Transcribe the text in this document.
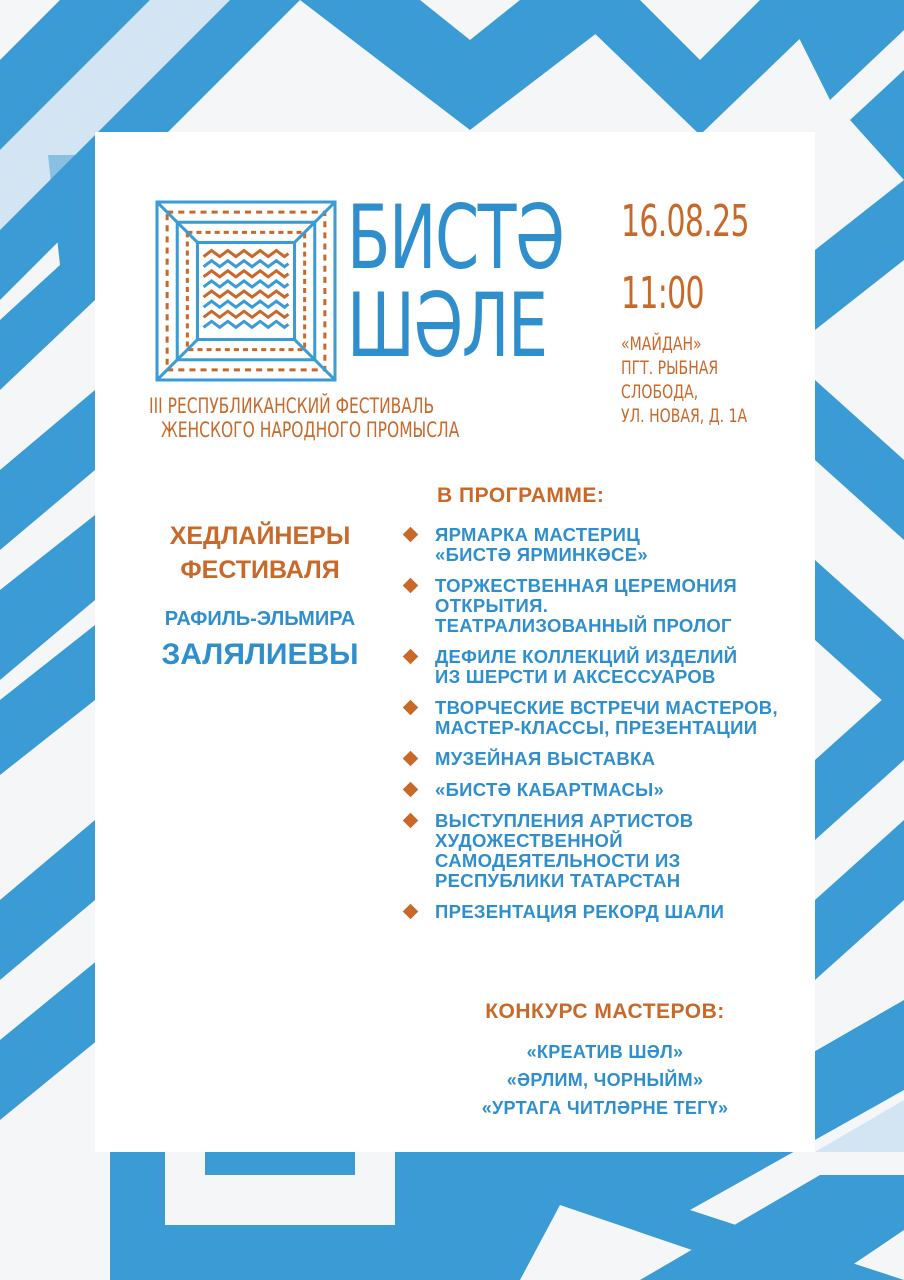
БИСТӘ
ШӘЛЕ
III РЕСПУБЛИКАНСКИЙ ФЕСТИВАЛЬ
ЖЕНСКОГО НАРОДНОГО ПРОМЫСЛА
16.08.25
11:00
«МАЙДАН»
ПГТ. РЫБНАЯ
СЛОБОДА,
УЛ. НОВАЯ, Д. 1А
ХЕДЛАЙНЕРЫ
ФЕСТИВАЛЯ
РАФИЛЬ-ЭЛЬМИРА
ЗАЛЯЛИЕВЫ
В ПРОГРАММЕ:
ЯРМАРКА МАСТЕРИЦ
«БИСТӘ ЯРМИНКӘСЕ»
ТОРЖЕСТВЕННАЯ ЦЕРЕМОНИЯ
ОТКРЫТИЯ.
ТЕАТРАЛИЗОВАННЫЙ ПРОЛОГ
ДЕФИЛЕ КОЛЛЕКЦИЙ ИЗДЕЛИЙ
ИЗ ШЕРСТИ И АКСЕССУАРОВ
ТВОРЧЕСКИЕ ВСТРЕЧИ МАСТЕРОВ,
МАСТЕР-КЛАССЫ, ПРЕЗЕНТАЦИИ
МУЗЕЙНАЯ ВЫСТАВКА
«БИСТӘ КАБАРТМАСЫ»
ВЫСТУПЛЕНИЯ АРТИСТОВ
ХУДОЖЕСТВЕННОЙ
САМОДЕЯТЕЛЬНОСТИ ИЗ
РЕСПУБЛИКИ ТАТАРСТАН
ПРЕЗЕНТАЦИЯ РЕКОРД ШАЛИ
КОНКУРС МАСТЕРОВ:
«КРЕАТИВ ШӘЛ»
«ӘРЛИМ, ЧОРНЫЙМ»
«УРТАГА ЧИТЛӘРНЕ ТЕГҮ»
